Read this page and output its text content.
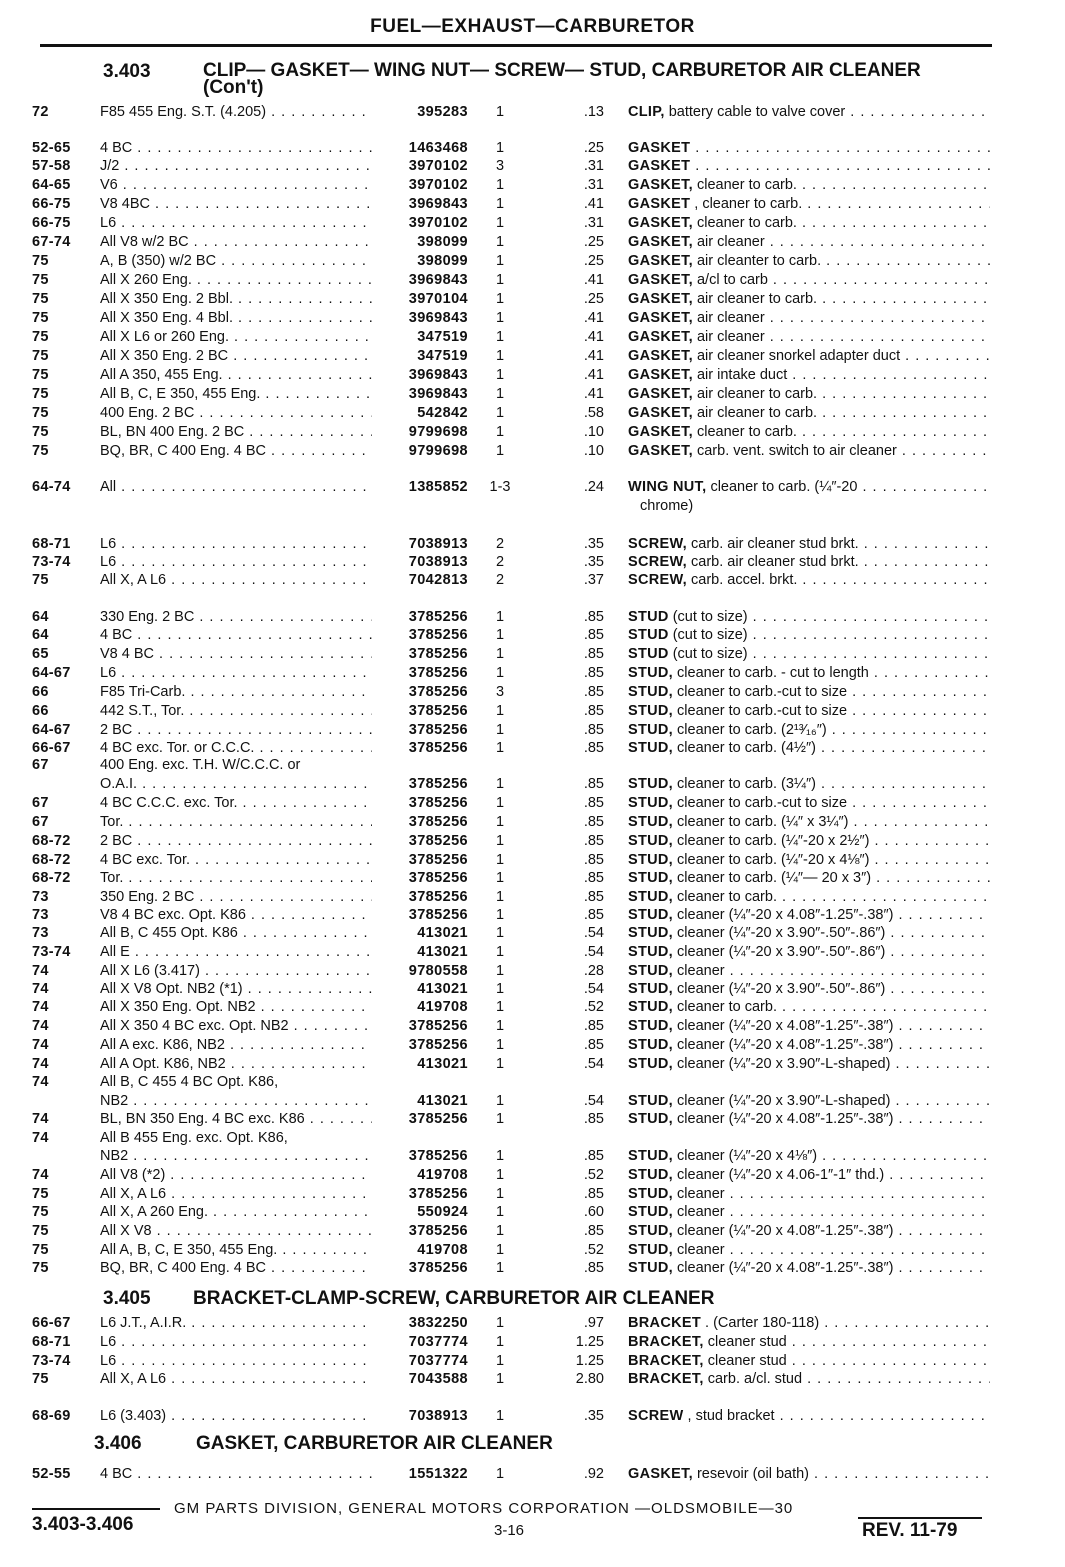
FUEL—EXHAUST—CARBURETOR
3.403	CLIP— GASKET— WING NUT— SCREW— STUD, CARBURETOR AIR CLEANER (Con't)
3.405 BRACKET-CLAMP-SCREW, CARBURETOR AIR CLEANER
3.406	GASKET, CARBURETOR AIR CLEANER
72	F85 455 Eng. S.T. (4.205) . . .	395283	1	.13 CLIP, battery cable to valve cover . . .
52-65	4 BC . . .	1463468	1	.25 GASKET . . .
57-58	J/2 . . .	3970102	3	.31 GASKET . . .
64-65	V6 . . .	3970102	1	.31 GASKET, cleaner to carb. . . .
66-75	V8 4BC . . .	3969843	1	.41 GASKET , cleaner to carb. . . .
66-75	L6 . . .	3970102	1	.31 GASKET, cleaner to carb. . . .
67-74	All V8 w/2 BC . . .	398099	1	.25 GASKET, air cleaner . . .
75	A, B (350) w/2 BC . . .	398099	1	.25 GASKET, air cleanter to carb. . . .
75	All X 260 Eng. . . .	3969843	1	.41 GASKET, a/cl to carb . . .
75	All X 350 Eng. 2 Bbl. . . .	3970104	1	.25 GASKET, air cleaner to carb. . . .
75	All X 350 Eng. 4 Bbl. . . .	3969843	1	.41 GASKET, air cleaner . . .
75	All X L6 or 260 Eng. . . .	347519	1	.41 GASKET, air cleaner . . .
75	All X 350 Eng. 2 BC . . .	347519	1	.41 GASKET, air cleaner snorkel adapter duct . . .
75	All A 350, 455 Eng. . . .	3969843	1	.41 GASKET, air intake duct . . .
75	All B, C, E 350, 455 Eng. . . .	3969843	1	.41 GASKET, air cleaner to carb. . . .
75	400 Eng. 2 BC . . .	542842	1	.58 GASKET, air cleaner to carb. . . .
75	BL, BN 400 Eng. 2 BC . . .	9799698	1	.10 GASKET, cleaner to carb. . . .
75	BQ, BR, C 400 Eng. 4 BC . . .	9799698	1	.10 GASKET, carb. vent. switch to air cleaner . . .
64-74	All . . .	1385852	1-3	.24 WING NUT, cleaner to carb. (¼″-20 . . .
68-71	L6 . . .	7038913	2	.35 SCREW, carb. air cleaner stud brkt. . . .
73-74	L6 . . .	7038913	2	.35 SCREW, carb. air cleaner stud brkt. . . .
75	All X, A L6 . . .	7042813	2	.37 SCREW, carb. accel. brkt. . . .
64	330 Eng. 2 BC . . .	3785256	1	.85 STUD (cut to size) . . .
64	4 BC . . .	3785256	1	.85 STUD (cut to size) . . .
65	V8 4 BC . . .	3785256	1	.85 STUD (cut to size) . . .
64-67	L6 . . .	3785256	1	.85 STUD, cleaner to carb. - cut to length . . .
66	F85 Tri-Carb. . . .	3785256	3	.85 STUD, cleaner to carb.-cut to size . . .
66	442 S.T., Tor. . . .	3785256	1	.85 STUD, cleaner to carb.-cut to size . . .
64-67	2 BC . . .	3785256	1	.85 STUD, cleaner to carb. (2¹³⁄₁₆″) . . .
66-67	4 BC exc. Tor. or C.C.C. . . .	3785256	1	.85 STUD, cleaner to carb. (4½″) . . .
67	400 Eng. exc. T.H. W/C.C.C. or
O.A.I. . . .	3785256	1	.85 STUD, cleaner to carb. (3¼″) . . .
67	4 BC C.C.C. exc. Tor. . . .	3785256	1	.85 STUD, cleaner to carb.-cut to size . . .
67	Tor. . . .	3785256	1	.85 STUD, cleaner to carb. (¼″ x 3¼″) . . .
68-72	2 BC . . .	3785256	1	.85 STUD, cleaner to carb. (¼″-20 x 2½″) . . .
68-72	4 BC exc. Tor. . . .	3785256	1	.85 STUD, cleaner to carb. (¼″-20 x 4⅛″) . . .
68-72	Tor. . . .	3785256	1	.85 STUD, cleaner to carb. (¼″— 20 x 3″) . . .
73	350 Eng. 2 BC . . .	3785256	1	.85 STUD, cleaner to carb. . . .
73	V8 4 BC exc. Opt. K86 . . .	3785256	1	.85 STUD, cleaner (¼″-20 x 4.08″-1.25″-.38″) . . .
73	All B, C 455 Opt. K86 . . .	413021	1	.54 STUD, cleaner (¼″-20 x 3.90″-.50″-.86″) . . .
73-74	All E . . .	413021	1	.54 STUD, cleaner (¼″-20 x 3.90″-.50″-.86″) . . .
74	All X L6 (3.417) . . .	9780558	1	.28 STUD, cleaner . . .
74	All X V8 Opt. NB2 (*1) . . .	413021	1	.54 STUD, cleaner (¼″-20 x 3.90″-.50″-.86″) . . .
74	All X 350 Eng. Opt. NB2 . . .	419708	1	.52 STUD, cleaner to carb. . . .
74	All X 350 4 BC exc. Opt. NB2 . . .	3785256	1	.85 STUD, cleaner (¼″-20 x 4.08″-1.25″-.38″) . . .
74	All A exc. K86, NB2 . . .	3785256	1	.85 STUD, cleaner (¼″-20 x 4.08″-1.25″-.38″) . . .
74	All A Opt. K86, NB2 . . .	413021	1	.54 STUD, cleaner (¼″-20 x 3.90″-L-shaped) . . .
74	All B, C 455 4 BC Opt. K86,
NB2 . . .	413021	1	.54 STUD, cleaner (¼″-20 x 3.90″-L-shaped) . . .
74	BL, BN 350 Eng. 4 BC exc. K86 . . .	3785256	1	.85 STUD, cleaner (¼″-20 x 4.08″-1.25″-.38″) . . .
74	All B 455 Eng. exc. Opt. K86,
NB2 . . .	3785256	1	.85 STUD, cleaner (¼″-20 x 4⅛″) . . .
74	All V8 (*2) . . .	419708	1	.52 STUD, cleaner (¼″-20 x 4.06-1″-1″ thd.) . . .
75	All X, A L6 . . .	3785256	1	.85 STUD, cleaner . . .
75	All X, A 260 Eng. . . .	550924	1	.60 STUD, cleaner . . .
75	All X V8 . . .	3785256	1	.85 STUD, cleaner (¼″-20 x 4.08″-1.25″-.38″) . . .
75	All A, B, C, E 350, 455 Eng. . . .	419708	1	.52 STUD, cleaner . . .
75	BQ, BR, C 400 Eng. 4 BC . . .	3785256	1	.85 STUD, cleaner (¼″-20 x 4.08″-1.25″-.38″) . . .
66-67	L6 J.T., A.I.R. . . .	3832250	1	.97 BRACKET . (Carter 180-118) . . .
68-71	L6 . . .	7037774	1	1.25 BRACKET, cleaner stud . . .
73-74	L6 . . .	7037774	1	1.25 BRACKET, cleaner stud . . .
75	All X, A L6 . . .	7043588	1	2.80 BRACKET, carb. a/cl. stud . . .
68-69	L6 (3.403) . . .	7038913	1	.35 SCREW , stud bracket . . .
52-55	4 BC . . .	1551322	1	.92 GASKET, resevoir (oil bath) . . .
chrome)
3.403-3.406
GM PARTS DIVISION, GENERAL MOTORS CORPORATION —OLDSMOBILE—30
3-16	REV. 11-79
